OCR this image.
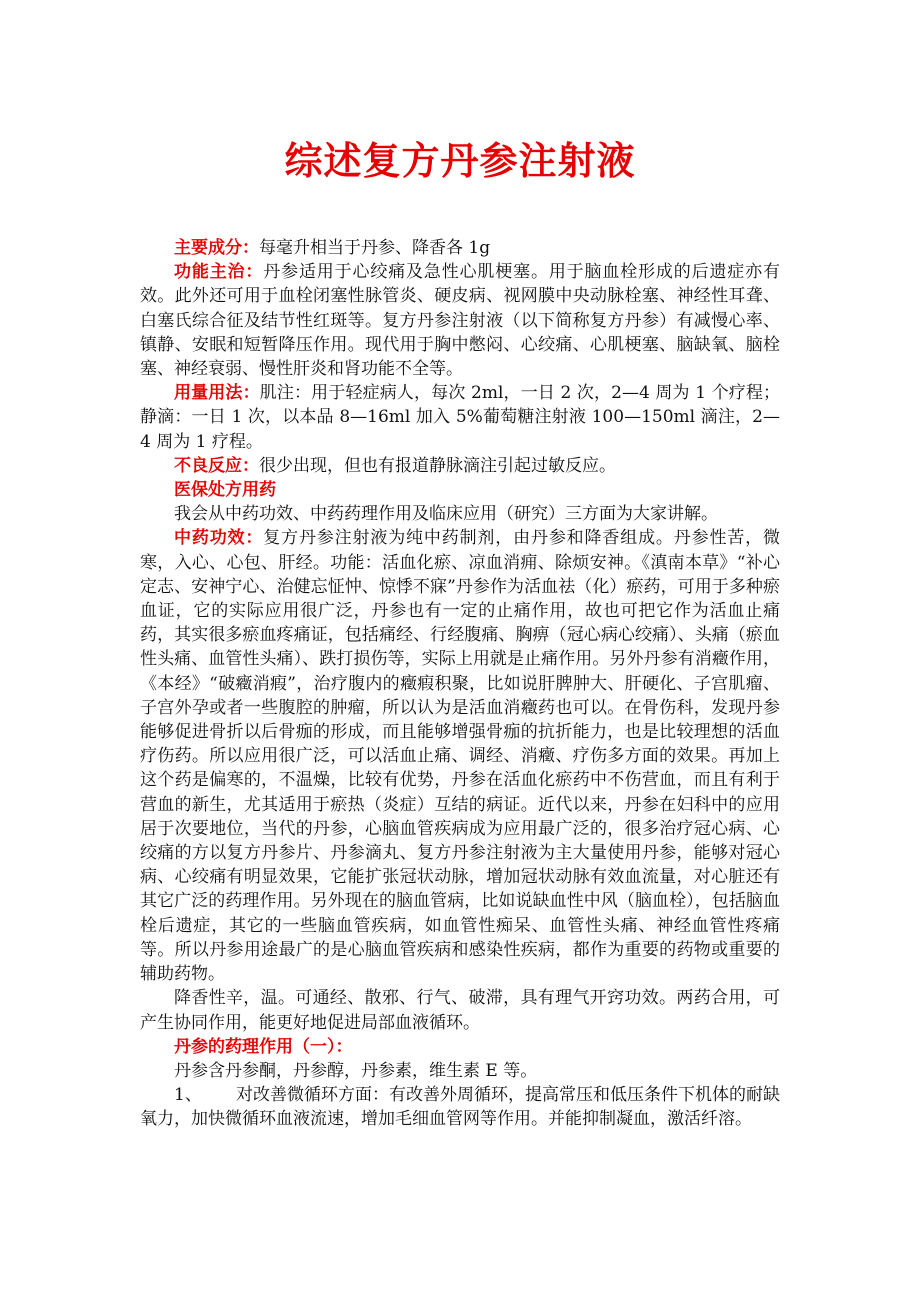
综述复方丹参注射液

主要成分：每毫升相当于丹参、降香各 1g

功能主治：丹参适用于心绞痛及急性心肌梗塞。用于脑血栓形成的后遗症亦有效。此外还可用于血栓闭塞性脉管炎、硬皮病、视网膜中央动脉栓塞、神经性耳聋、白塞氏综合征及结节性红斑等。复方丹参注射液（以下简称复方丹参）有减慢心率、镇静、安眠和短暂降压作用。现代用于胸中憋闷、心绞痛、心肌梗塞、脑缺氧、脑栓塞、神经衰弱、慢性肝炎和肾功能不全等。

用量用法：肌注：用于轻症病人，每次 2ml，一日 2 次，2—4 周为 1 个疗程；静滴：一日 1 次，以本品 8—16ml 加入 5%葡萄糖注射液 100—150ml 滴注，2—4 周为 1 疗程。

不良反应：很少出现，但也有报道静脉滴注引起过敏反应。

医保处方用药

我会从中药功效、中药药理作用及临床应用（研究）三方面为大家讲解。

中药功效：复方丹参注射液为纯中药制剂，由丹参和降香组成。丹参性苦，微寒，入心、心包、肝经。功能：活血化瘀、凉血消痈、除烦安神。《滇南本草》“补心定志、安神宁心、治健忘怔忡、惊悸不寐”丹参作为活血祛（化）瘀药，可用于多种瘀血证，它的实际应用很广泛，丹参也有一定的止痛作用，故也可把它作为活血止痛药，其实很多瘀血疼痛证，包括痛经、行经腹痛、胸痹（冠心病心绞痛）、头痛（瘀血性头痛、血管性头痛）、跌打损伤等，实际上用就是止痛作用。另外丹参有消癥作用，《本经》“破癥消瘕”，治疗腹内的癥瘕积聚，比如说肝脾肿大、肝硬化、子宫肌瘤、子宫外孕或者一些腹腔的肿瘤，所以认为是活血消癥药也可以。在骨伤科，发现丹参能够促进骨折以后骨痂的形成，而且能够增强骨痂的抗折能力，也是比较理想的活血疗伤药。所以应用很广泛，可以活血止痛、调经、消癥、疗伤多方面的效果。再加上这个药是偏寒的，不温燥，比较有优势，丹参在活血化瘀药中不伤营血，而且有利于营血的新生，尤其适用于瘀热（炎症）互结的病证。近代以来，丹参在妇科中的应用居于次要地位，当代的丹参，心脑血管疾病成为应用最广泛的，很多治疗冠心病、心绞痛的方以复方丹参片、丹参滴丸、复方丹参注射液为主大量使用丹参，能够对冠心病、心绞痛有明显效果，它能扩张冠状动脉，增加冠状动脉有效血流量，对心脏还有其它广泛的药理作用。另外现在的脑血管病，比如说缺血性中风（脑血栓），包括脑血栓后遗症，其它的一些脑血管疾病，如血管性痴呆、血管性头痛、神经血管性疼痛等。所以丹参用途最广的是心脑血管疾病和感染性疾病，都作为重要的药物或重要的辅助药物。

降香性辛，温。可通经、散邪、行气、破滞，具有理气开窍功效。两药合用，可产生协同作用，能更好地促进局部血液循环。

丹参的药理作用（一）：

丹参含丹参酮，丹参醇，丹参素，维生素 E 等。

1、 对改善微循环方面：有改善外周循环，提高常压和低压条件下机体的耐缺氧力，加快微循环血液流速，增加毛细血管网等作用。并能抑制凝血，激活纤溶。
